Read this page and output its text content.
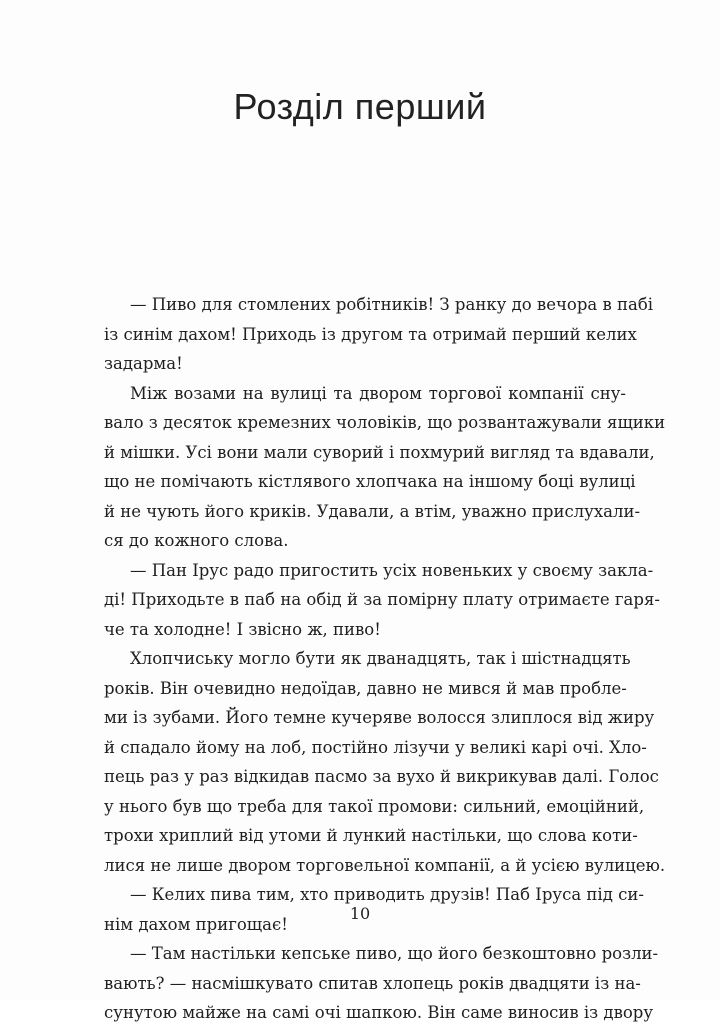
Розділ перший
— Пиво для стомлених робітників! З ранку до вечора в пабі
із синім дахом! Приходь із другом та отримай перший келих
задарма!
Між возами на вулиці та двором торгової компанії сну-
вало з десяток кремезних чоловіків, що розвантажували ящики
й мішки. Усі вони мали суворий і похмурий вигляд та вдавали,
що не помічають кістлявого хлопчака на іншому боці вулиці
й не чують його криків. Удавали, а втім, уважно прислухали-
ся до кожного слова.
— Пан Ірус радо пригостить усіх новеньких у своєму закла-
ді! Приходьте в паб на обід й за помірну плату отримаєте гаря-
че та холодне! І звісно ж, пиво!
Хлопчиську могло бути як дванадцять, так і шістнадцять
років. Він очевидно недоїдав, давно не мився й мав пробле-
ми із зубами. Його темне кучеряве волосся злиплося від жиру
й спадало йому на лоб, постійно лізучи у великі карі очі. Хло-
пець раз у раз відкидав пасмо за вухо й викрикував далі. Голос
у нього був що треба для такої промови: сильний, емоційний,
трохи хриплий від утоми й лункий настільки, що слова коти-
лися не лише двором торговельної компанії, а й усією вулицею.
— Келих пива тим, хто приводить друзів! Паб Іруса під си-
нім дахом пригощає!
— Там настільки кепське пиво, що його безкоштовно розли-
вають? — насмішкувато спитав хлопець років двадцяти із на-
сунутою майже на самі очі шапкою. Він саме виносив із двору
10
